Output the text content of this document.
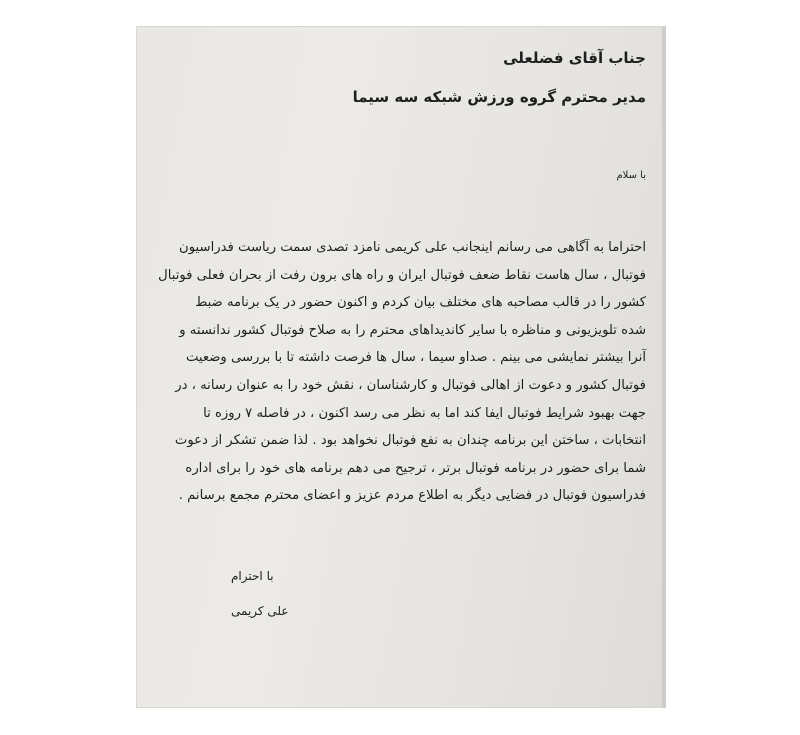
جناب آقای فضلعلی
مدیر محترم گروه ورزش شبکه سه سیما
با سلام
احتراما به آگاهی می رسانم اینجانب علی کریمی نامزد تصدی سمت ریاست فدراسیون
فوتبال ، سال هاست نقاط ضعف فوتبال ایران و راه های برون رفت از بحران فعلی فوتبال
کشور را در قالب مصاحبه های مختلف بیان کردم و اکنون حضور در یک برنامه ضبط
شده تلویزیونی و مناظره با سایر کاندیداهای محترم را به صلاح فوتبال کشور ندانسته و
آنرا بیشتر نمایشی می بینم . صداو سیما ، سال ها فرصت داشته تا با بررسی وضعیت
فوتبال کشور و دعوت از اهالی فوتبال و کارشناسان ، نقش خود را به عنوان رسانه ، در
جهت بهبود شرایط فوتبال ایفا کند اما به نظر می رسد اکنون ، در فاصله ۷ روزه تا
انتخابات ، ساختن این برنامه چندان به نفع فوتبال نخواهد بود . لذا ضمن تشکر از دعوت
شما برای حضور در برنامه فوتبال برتر ، ترجیح می دهم برنامه های خود را برای اداره
فدراسیون فوتبال در فضایی دیگر به اطلاع مردم عزیز و اعضای محترم مجمع برسانم .
با احترام
علی کریمی
